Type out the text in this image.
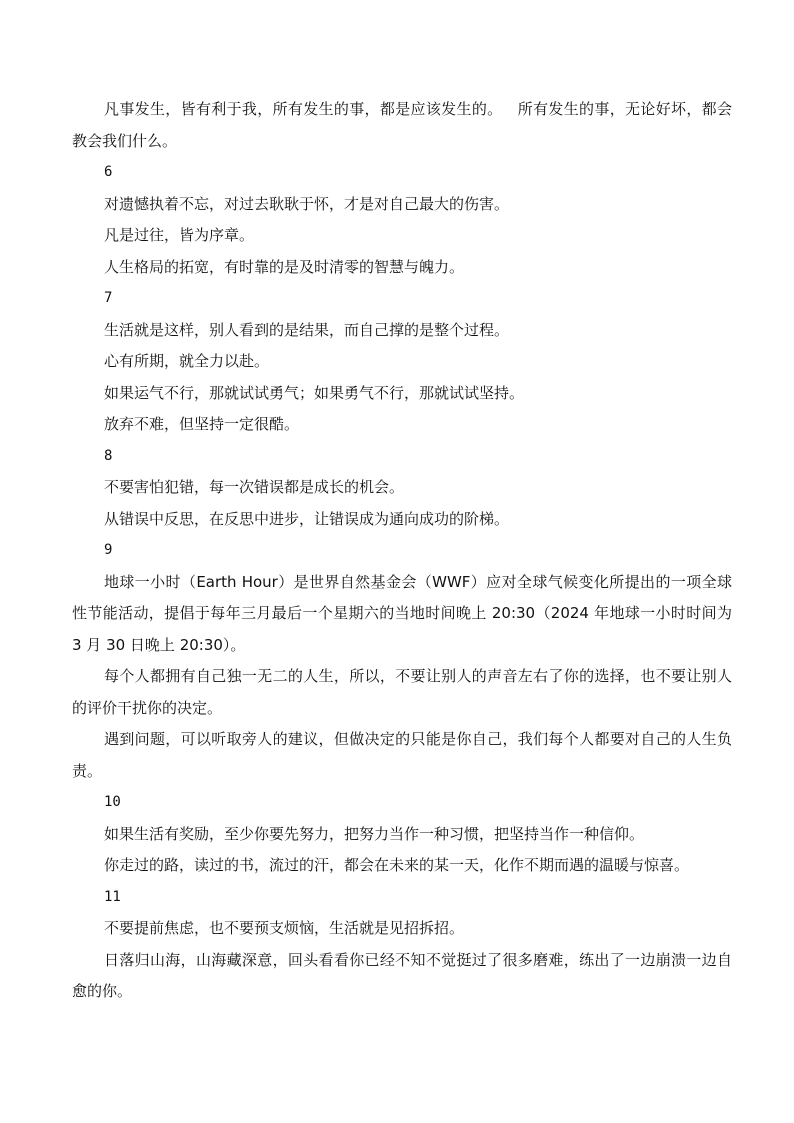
凡事发生，皆有利于我，所有发生的事，都是应该发生的。   所有发生的事，无论好坏，都会教会我们什么。

6

对遗憾执着不忘，对过去耿耿于怀，才是对自己最大的伤害。

凡是过往，皆为序章。

人生格局的拓宽，有时靠的是及时清零的智慧与魄力。

7

生活就是这样，别人看到的是结果，而自己撑的是整个过程。

心有所期，就全力以赴。

如果运气不行，那就试试勇气；如果勇气不行，那就试试坚持。

放弃不难，但坚持一定很酷。

8

不要害怕犯错，每一次错误都是成长的机会。

从错误中反思，在反思中进步，让错误成为通向成功的阶梯。

9

地球一小时（Earth Hour）是世界自然基金会（WWF）应对全球气候变化所提出的一项全球性节能活动，提倡于每年三月最后一个星期六的当地时间晚上 20:30（2024 年地球一小时时间为 3 月 30 日晚上 20:30）。

每个人都拥有自己独一无二的人生，所以，不要让别人的声音左右了你的选择，也不要让别人的评价干扰你的决定。

遇到问题，可以听取旁人的建议，但做决定的只能是你自己，我们每个人都要对自己的人生负责。

10

如果生活有奖励，至少你要先努力，把努力当作一种习惯，把坚持当作一种信仰。

你走过的路，读过的书，流过的汗，都会在未来的某一天，化作不期而遇的温暖与惊喜。

11

不要提前焦虑，也不要预支烦恼，生活就是见招拆招。

日落归山海，山海藏深意，回头看看你已经不知不觉挺过了很多磨难，练出了一边崩溃一边自愈的你。
